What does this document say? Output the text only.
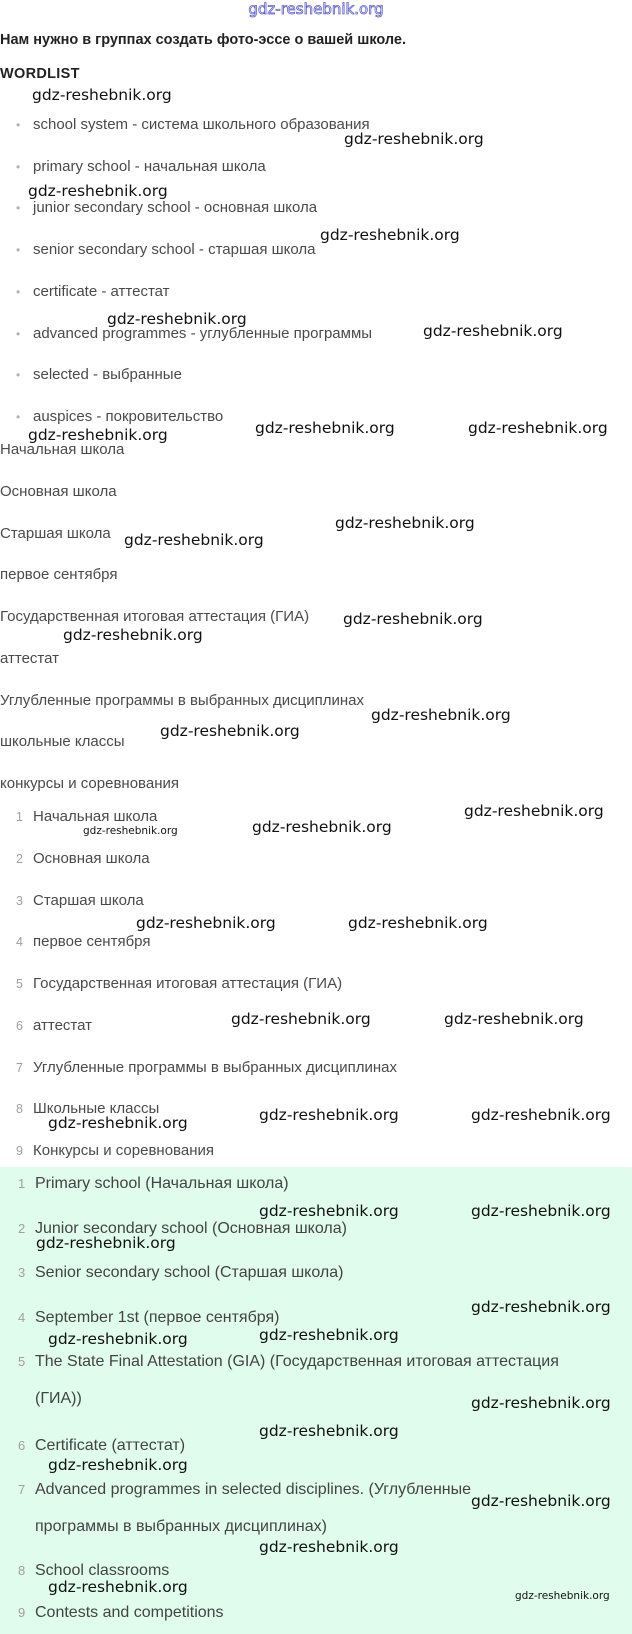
gdz-reshebnik.org
Нам нужно в группах создать фото-эссе о вашей школе.
WORDLIST
• school system - система школьного образования
• primary school - начальная школа
• junior secondary school - основная школа
• senior secondary school - старшая школа
• certificate - аттестат
• advanced programmes - углубленные программы
• selected - выбранные
• auspices - покровительство
Начальная школа
Основная школа
Старшая школа
первое сентября
Государственная итоговая аттестация (ГИА)
аттестат
Углубленные программы в выбранных дисциплинах
школьные классы
конкурсы и соревнования
1 Начальная школа
2 Основная школа
3 Старшая школа
4 первое сентября
5 Государственная итоговая аттестация (ГИА)
6 аттестат
7 Углубленные программы в выбранных дисциплинах
8 Школьные классы
9 Конкурсы и соревнования
1 Primary school (Начальная школа)
2 Junior secondary school (Основная школа)
3 Senior secondary school (Старшая школа)
4 September 1st (первое сентября)
5 The State Final Attestation (GIA) (Государственная итоговая аттестация
(ГИА))
6 Certificate (аттестат)
7 Advanced programmes in selected disciplines. (Углубленные
программы в выбранных дисциплинах)
8 School classrooms
9 Contests and competitions
gdz-reshebnik.org
gdz-reshebnik.org
gdz-reshebnik.org
gdz-reshebnik.org
gdz-reshebnik.org
gdz-reshebnik.org
gdz-reshebnik.org	gdz-reshebnik.org
gdz-reshebnik.org
gdz-reshebnik.org
gdz-reshebnik.org
gdz-reshebnik.org
gdz-reshebnik.org
gdz-reshebnik.org
gdz-reshebnik.org
gdz-reshebnik.org
gdz-reshebnik.org	gdz-reshebnik.org
gdz-reshebnik.org	gdz-reshebnik.org
gdz-reshebnik.org	gdz-reshebnik.org
gdz-reshebnik.org	gdz-reshebnik.org
gdz-reshebnik.org
gdz-reshebnik.org	gdz-reshebnik.org
gdz-reshebnik.org
gdz-reshebnik.org
gdz-reshebnik.org	gdz-reshebnik.org
gdz-reshebnik.org
gdz-reshebnik.org
gdz-reshebnik.org
gdz-reshebnik.org
gdz-reshebnik.org
gdz-reshebnik.org	gdz-reshebnik.org
